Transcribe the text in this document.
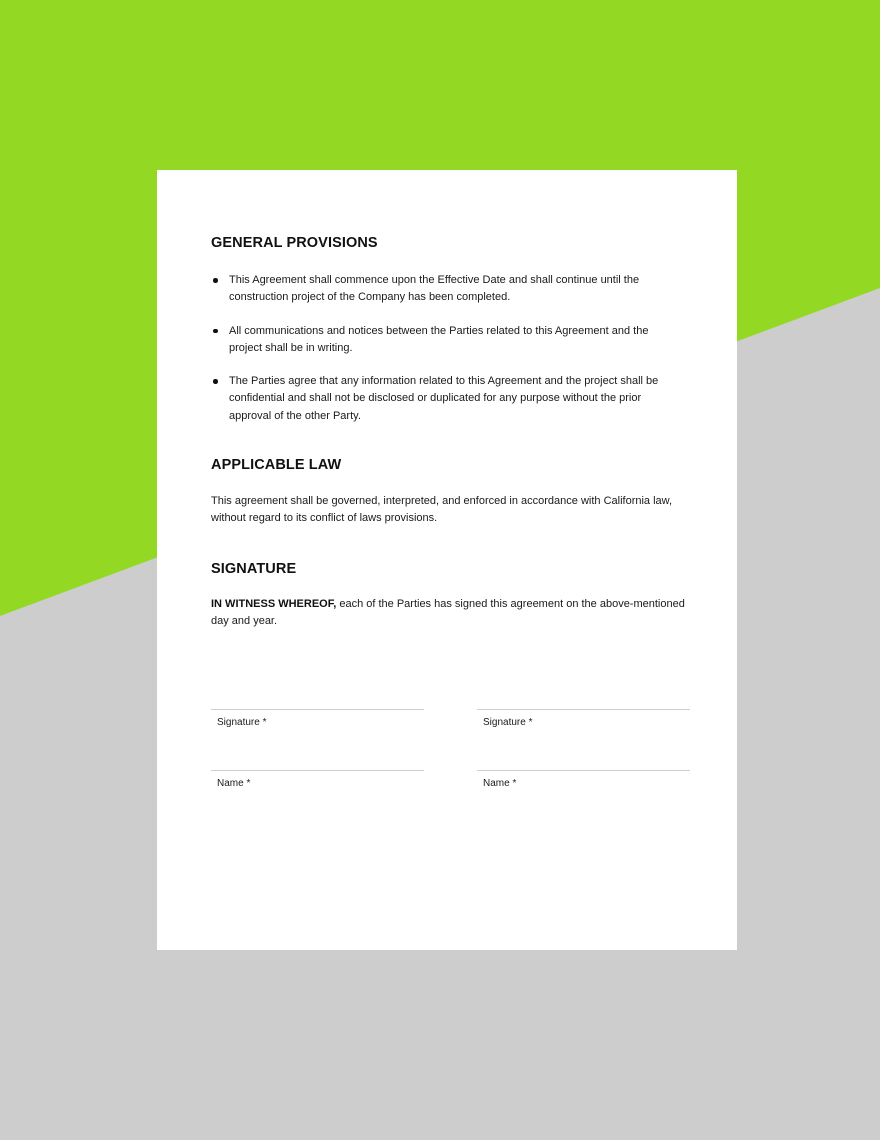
GENERAL PROVISIONS
This Agreement shall commence upon the Effective Date and shall continue until the construction project of the Company has been completed.
All communications and notices between the Parties related to this Agreement and the project shall be in writing.
The Parties agree that any information related to this Agreement and the project shall be confidential and shall not be disclosed or duplicated for any purpose without the prior approval of the other Party.
APPLICABLE LAW

This agreement shall be governed, interpreted, and enforced in accordance with California law, without regard to its conflict of laws provisions.

SIGNATURE

IN WITNESS WHEREOF, each of the Parties has signed this agreement on the above-mentioned day and year.

Signature *
Name *
Signature *
Name *
